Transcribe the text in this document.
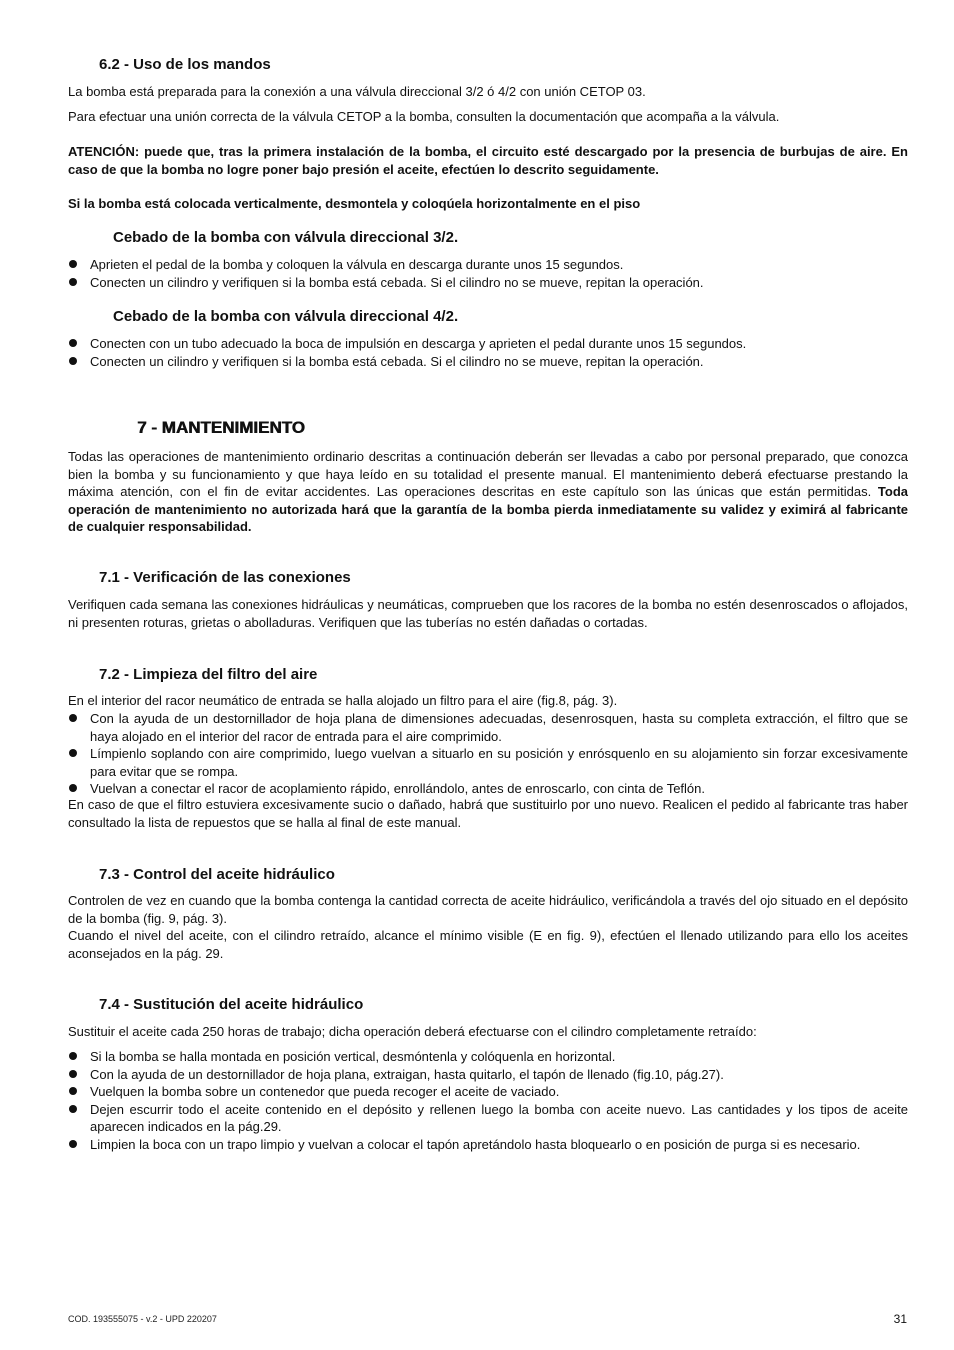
6.2 - Uso de los mandos

La bomba está preparada para la conexión a una válvula direccional 3/2 ó 4/2 con unión CETOP 03.

Para efectuar una unión correcta de la válvula CETOP a la bomba, consulten la documentación que acompaña a la válvula.

ATENCIÓN: puede que, tras la primera instalación de la bomba, el circuito esté descargado por la presencia de burbujas de aire. En caso de que la bomba no logre poner bajo presión el aceite, efectúen lo descrito seguidamente.

Si la bomba está colocada verticalmente, desmontela y coloqúela horizontalmente en el piso

Cebado de la bomba con válvula direccional 3/2.
Aprieten el pedal de la bomba y coloquen la válvula en descarga durante unos 15 segundos.
Conecten un cilindro y verifiquen si la bomba está cebada. Si el cilindro no se mueve, repitan la operación.
Cebado de la bomba con válvula direccional 4/2.
Conecten con un tubo adecuado la boca de impulsión en descarga y aprieten el pedal durante unos 15 segundos.
Conecten un cilindro y verifiquen si la bomba está cebada. Si el cilindro no se mueve, repitan la operación.
7 - MANTENIMIENTO

Todas las operaciones de mantenimiento ordinario descritas a continuación deberán ser llevadas a cabo por personal preparado, que conozca bien la bomba y su funcionamiento y que haya leído en su totalidad el presente manual. El mantenimiento deberá efectuarse prestando la máxima atención, con el fin de evitar accidentes. Las operaciones descritas en este capítulo son las únicas que están permitidas. Toda operación de mantenimiento no autorizada hará que la garantía de la bomba pierda inmediatamente su validez y eximirá al fabricante de cualquier responsabilidad.

7.1 - Verificación de las conexiones

Verifiquen cada semana las conexiones hidráulicas y neumáticas, comprueben que los racores de la bomba no estén desenroscados o aflojados, ni presenten roturas, grietas o abolladuras. Verifiquen que las tuberías no estén dañadas o cortadas.

7.2 - Limpieza del filtro del aire

En el interior del racor neumático de entrada se halla alojado un filtro para el aire (fig.8, pág. 3).

Con la ayuda de un destornillador de hoja plana de dimensiones adecuadas, desenrosquen, hasta su completa extracción, el filtro que se haya alojado en el interior del racor de entrada para el aire comprimido.
Límpienlo soplando con aire comprimido, luego vuelvan a situarlo en su posición y enrósquenlo en su alojamiento sin forzar excesivamente para evitar que se rompa.
Vuelvan a conectar el racor de acoplamiento rápido, enrollándolo, antes de enroscarlo, con cinta de Teflón.

En caso de que el filtro estuviera excesivamente sucio o dañado, habrá que sustituirlo por uno nuevo. Realicen el pedido al fabricante tras haber consultado la lista de repuestos que se halla al final de este manual.

7.3 - Control del aceite hidráulico

Controlen de vez en cuando que la bomba contenga la cantidad correcta de aceite hidráulico, verificándola a través del ojo situado en el depósito de la bomba (fig. 9, pág. 3).

Cuando el nivel del aceite, con el cilindro retraído, alcance el mínimo visible (E en fig. 9), efectúen el llenado utilizando para ello los aceites aconsejados en la pág. 29.

7.4 - Sustitución del aceite hidráulico

Sustituir el aceite cada 250 horas de trabajo; dicha operación deberá efectuarse con el cilindro completamente retraído:

Si la bomba se halla montada en posición vertical, desmóntenla y colóquenla en horizontal.
Con la ayuda de un destornillador de hoja plana, extraigan, hasta quitarlo, el tapón de llenado (fig.10, pág.27).
Vuelquen la bomba sobre un contenedor que pueda recoger el aceite de vaciado.
Dejen escurrir todo el aceite contenido en el depósito y rellenen luego la bomba con aceite nuevo. Las cantidades y los tipos de aceite aparecen indicados en la pág.29.
Limpien la boca con un trapo limpio y vuelvan a colocar el tapón apretándolo hasta bloquearlo o en posición de purga si es necesario.
COD. 193555075 - v.2 - UPD 220207	31
